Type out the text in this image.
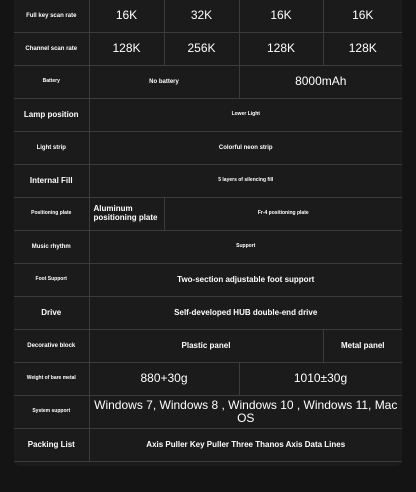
Full key scan rate	16K	32K	16K	16K	
Channel scan rate	128K	256K	128K	128K	
Battery	No battery		8000mAh		
Lamp position	Lower Light				
Light strip	Colorful neon strip				
Internal Fill	5 layers of silencing fill				
Positioning plate	Aluminum positioning plate	Fr-4 positioning plate			
Music rhythm	Support				
Foot Support	Two-section adjustable foot support				
Drive	Self-developed HUB double-end drive				
Decorative block	Plastic panel			Metal panel	
Weight of bare metal	880+30g		1010±30g	
System support	Windows 7, Windows 8 , Windows 10 , Windows 11, Mac OS				
Packing List	Axis Puller Key Puller Three Thanos Axis Data Lines				
